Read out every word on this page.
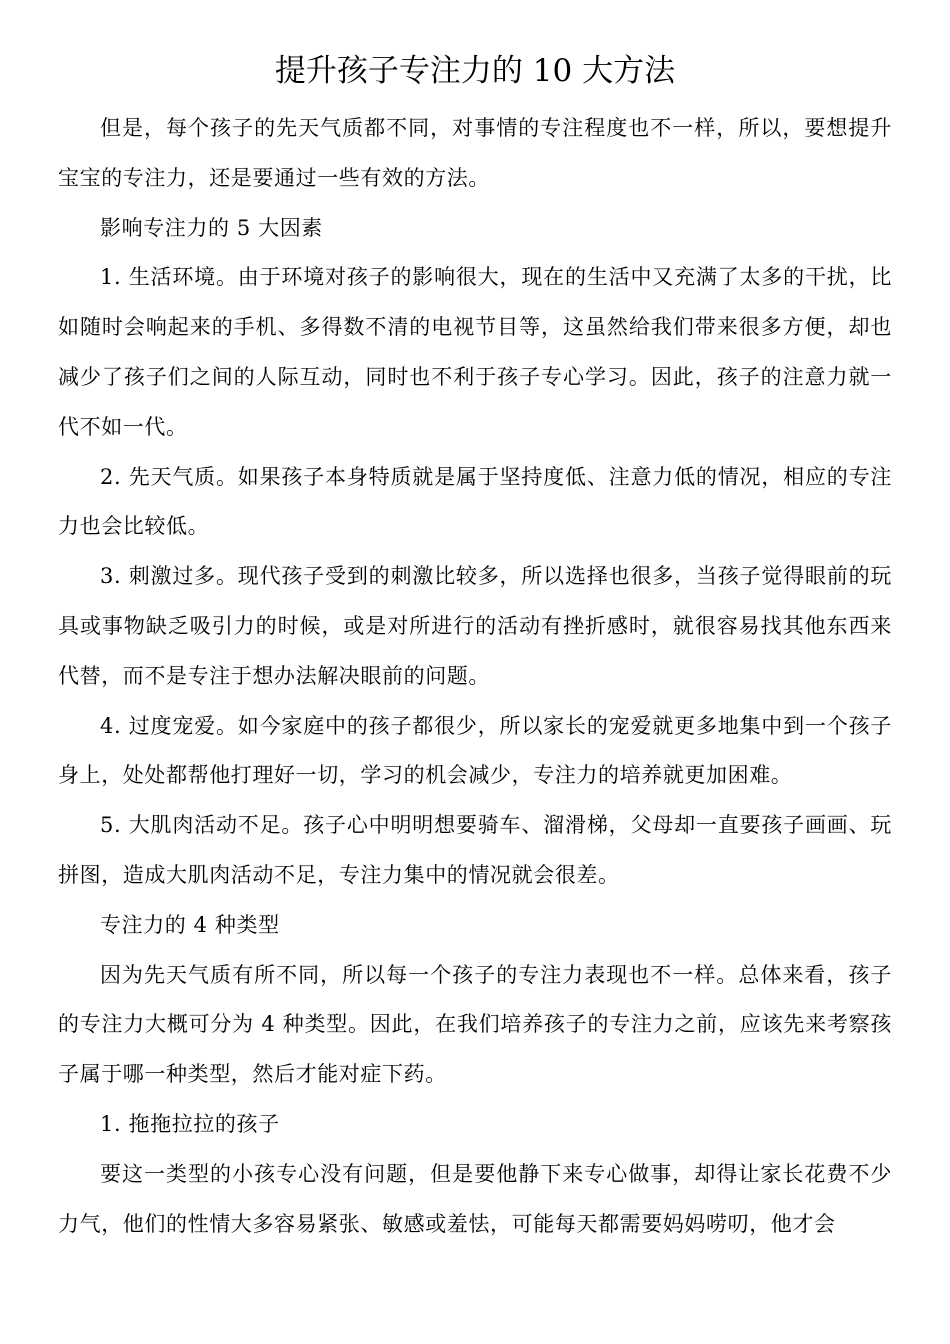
提升孩子专注力的 10 大方法

但是，每个孩子的先天气质都不同，对事情的专注程度也不一样，所以，要想提升宝宝的专注力，还是要通过一些有效的方法。

影响专注力的 5 大因素

1. 生活环境。由于环境对孩子的影响很大，现在的生活中又充满了太多的干扰，比如随时会响起来的手机、多得数不清的电视节目等，这虽然给我们带来很多方便，却也减少了孩子们之间的人际互动，同时也不利于孩子专心学习。因此，孩子的注意力就一代不如一代。

2. 先天气质。如果孩子本身特质就是属于坚持度低、注意力低的情况，相应的专注力也会比较低。

3. 刺激过多。现代孩子受到的刺激比较多，所以选择也很多，当孩子觉得眼前的玩具或事物缺乏吸引力的时候，或是对所进行的活动有挫折感时，就很容易找其他东西来代替，而不是专注于想办法解决眼前的问题。

4. 过度宠爱。如今家庭中的孩子都很少，所以家长的宠爱就更多地集中到一个孩子身上，处处都帮他打理好一切，学习的机会减少，专注力的培养就更加困难。

5. 大肌肉活动不足。孩子心中明明想要骑车、溜滑梯，父母却一直要孩子画画、玩拼图，造成大肌肉活动不足，专注力集中的情况就会很差。

专注力的 4 种类型

因为先天气质有所不同，所以每一个孩子的专注力表现也不一样。总体来看，孩子的专注力大概可分为 4 种类型。因此，在我们培养孩子的专注力之前，应该先来考察孩子属于哪一种类型，然后才能对症下药。

1. 拖拖拉拉的孩子

要这一类型的小孩专心没有问题，但是要他静下来专心做事，却得让家长花费不少力气，他们的性情大多容易紧张、敏感或羞怯，可能每天都需要妈妈唠叨，他才会
